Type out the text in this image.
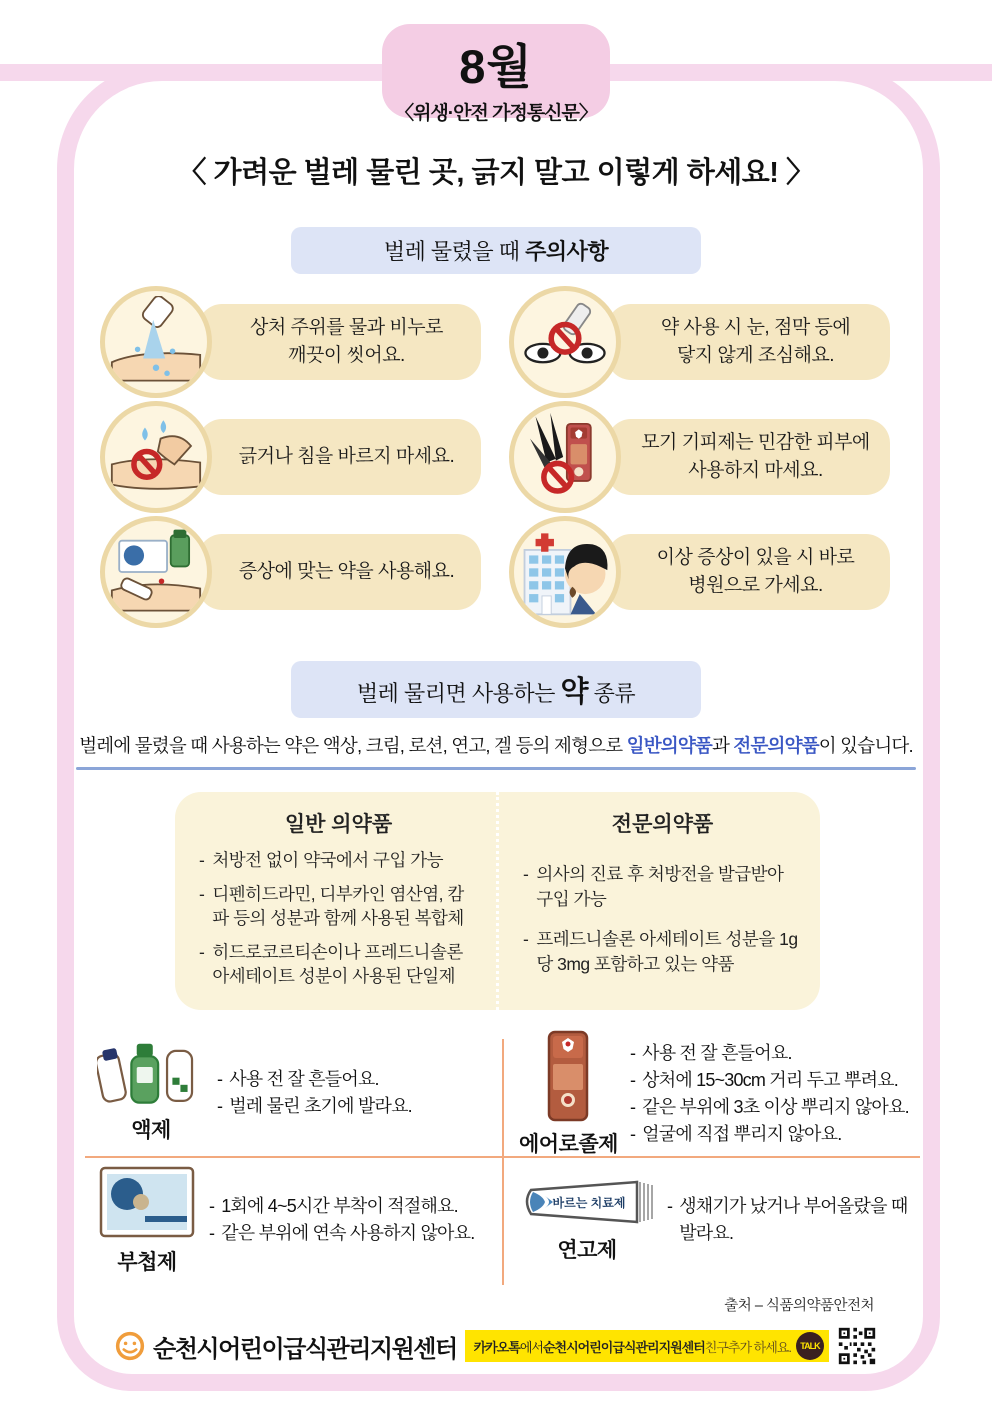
8월
〈위생·안전 가정통신문〉
〈 가려운 벌레 물린 곳, 긁지 말고 이렇게 하세요! 〉
벌레 물렸을 때 주의사항
상처 주위를 물과 비누로
깨끗이 씻어요.
약 사용 시 눈, 점막 등에
닿지 않게 조심해요.
긁거나 침을 바르지 마세요.
모기 기피제는 민감한 피부에
사용하지 마세요.
증상에 맞는 약을 사용해요.
이상 증상이 있을 시 바로
병원으로 가세요.
벌레 물리면 사용하는 약 종류
벌레에 물렸을 때 사용하는 약은 액상, 크림, 로션, 연고, 겔 등의 제형으로 일반의약품과 전문의약품이 있습니다.
일반 의약품
- 처방전 없이 약국에서 구입 가능
- 디펜히드라민, 디부카인 염산염, 캄파 등의 성분과 함께 사용된 복합체
- 히드로코르티손이나 프레드니솔론 아세테이트 성분이 사용된 단일제
전문의약품
- 의사의 진료 후 처방전을 발급받아 구입 가능
- 프레드니솔론 아세테이트 성분을 1g당 3mg 포함하고 있는 약품
액제
- 사용 전 잘 흔들어요.
- 벌레 물린 초기에 발라요.
에어로졸제
- 사용 전 잘 흔들어요.
- 상처에 15~30cm 거리 두고 뿌려요.
- 같은 부위에 3초 이상 뿌리지 않아요.
- 얼굴에 직접 뿌리지 않아요.
부첩제
- 1회에 4~5시간 부착이 적절해요.
- 같은 부위에 연속 사용하지 않아요.
바르는 치료제
연고제
- 생채기가 났거나 부어올랐을 때 발라요.
출처 – 식품의약품안전처
순천시어린이급식관리지원센터 카카오톡 에서 순천시어린이급식관리지원센터 친구추가 하세요.	TALK
